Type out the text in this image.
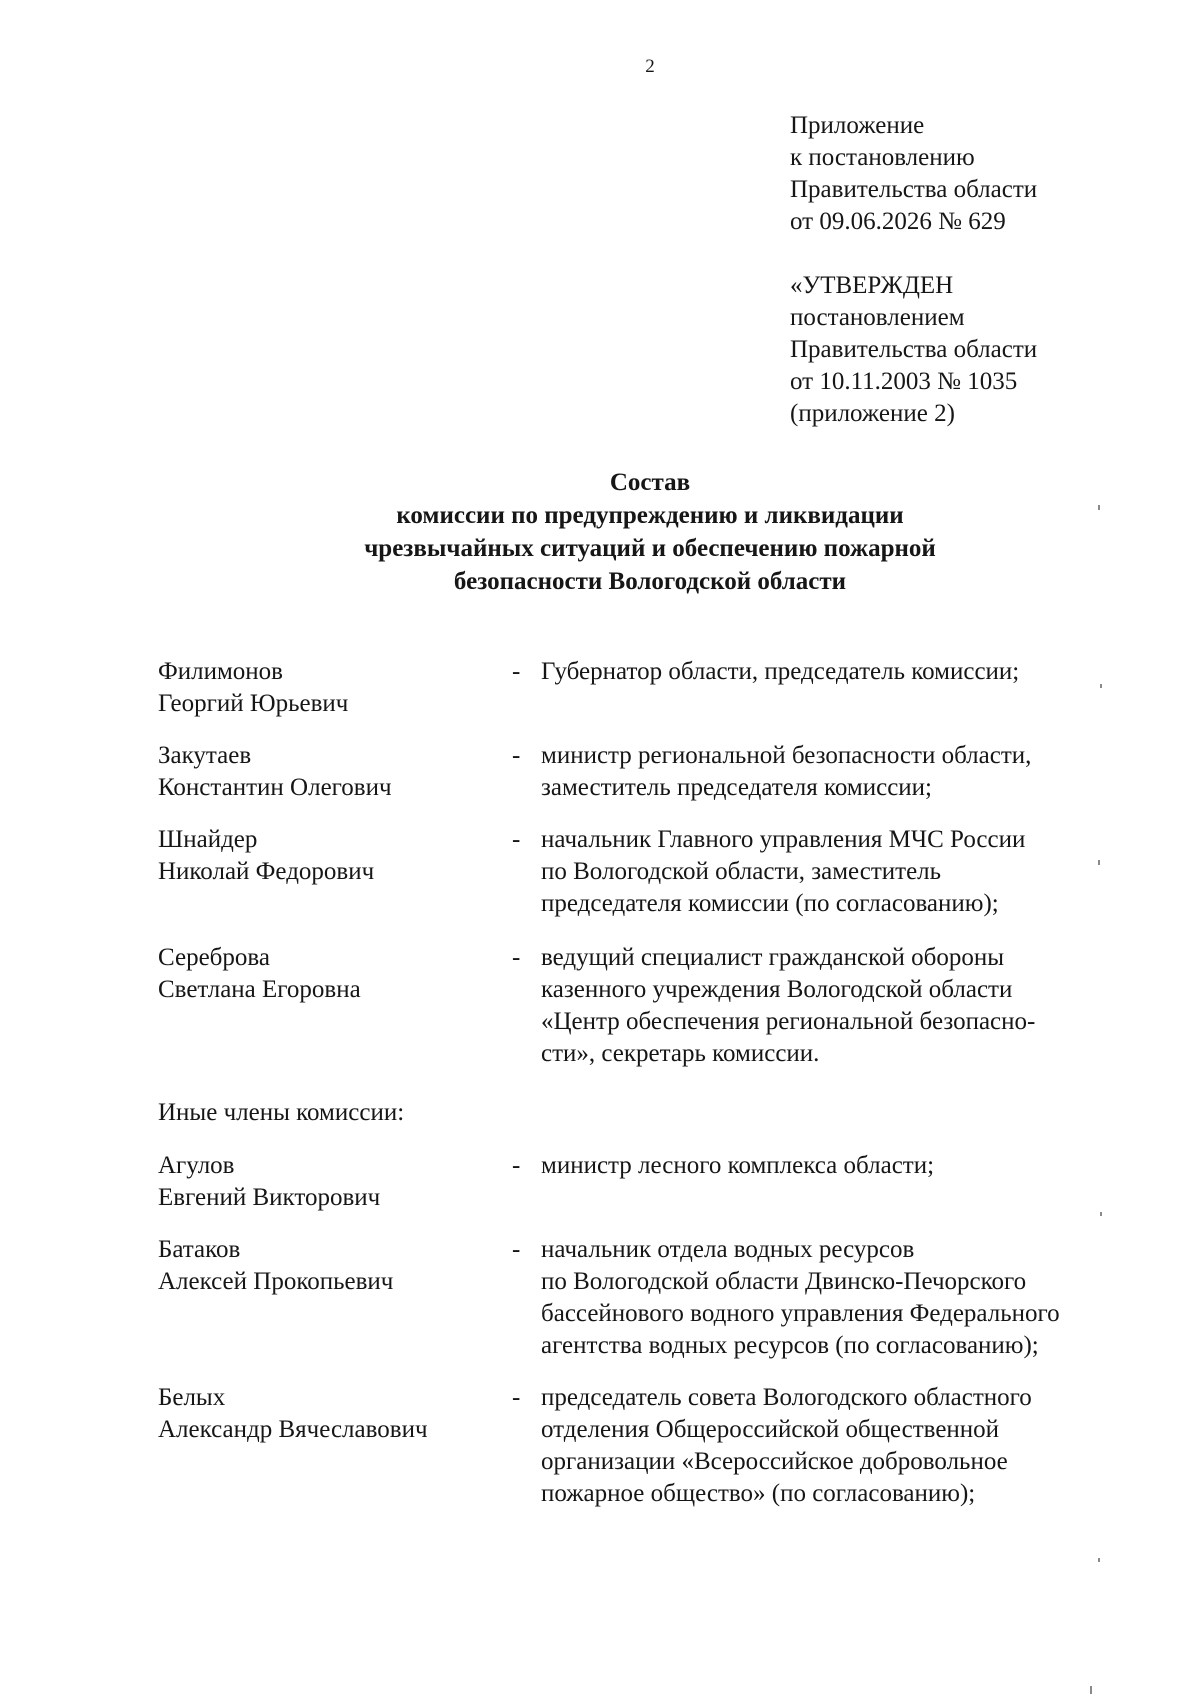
2
Приложение
к постановлению
Правительства области
от 09.06.2026 № 629
«УТВЕРЖДЕН
постановлением
Правительства области
от 10.11.2003 № 1035
(приложение 2)
Состав
комиссии по предупреждению и ликвидации
чрезвычайных ситуаций и обеспечению пожарной
безопасности Вологодской области
Филимонов
Георгий Юрьевич
- Губернатор области, председатель комиссии;
Закутаев
Константин Олегович
- министр региональной безопасности области,
заместитель председателя комиссии;
Шнайдер
Николай Федорович
- начальник Главного управления МЧС России
по Вологодской области, заместитель
председателя комиссии (по согласованию);
Сереброва
Светлана Егоровна
- ведущий специалист гражданской обороны
казенного учреждения Вологодской области
«Центр обеспечения региональной безопасно-
сти», секретарь комиссии.
Иные члены комиссии:
Агулов
Евгений Викторович
- министр лесного комплекса области;
Батаков
Алексей Прокопьевич
- начальник отдела водных ресурсов
по Вологодской области Двинско-Печорского
бассейнового водного управления Федерального
агентства водных ресурсов (по согласованию);
Белых
Александр Вячеславович
- председатель совета Вологодского областного
отделения Общероссийской общественной
организации «Всероссийское добровольное
пожарное общество» (по согласованию);
